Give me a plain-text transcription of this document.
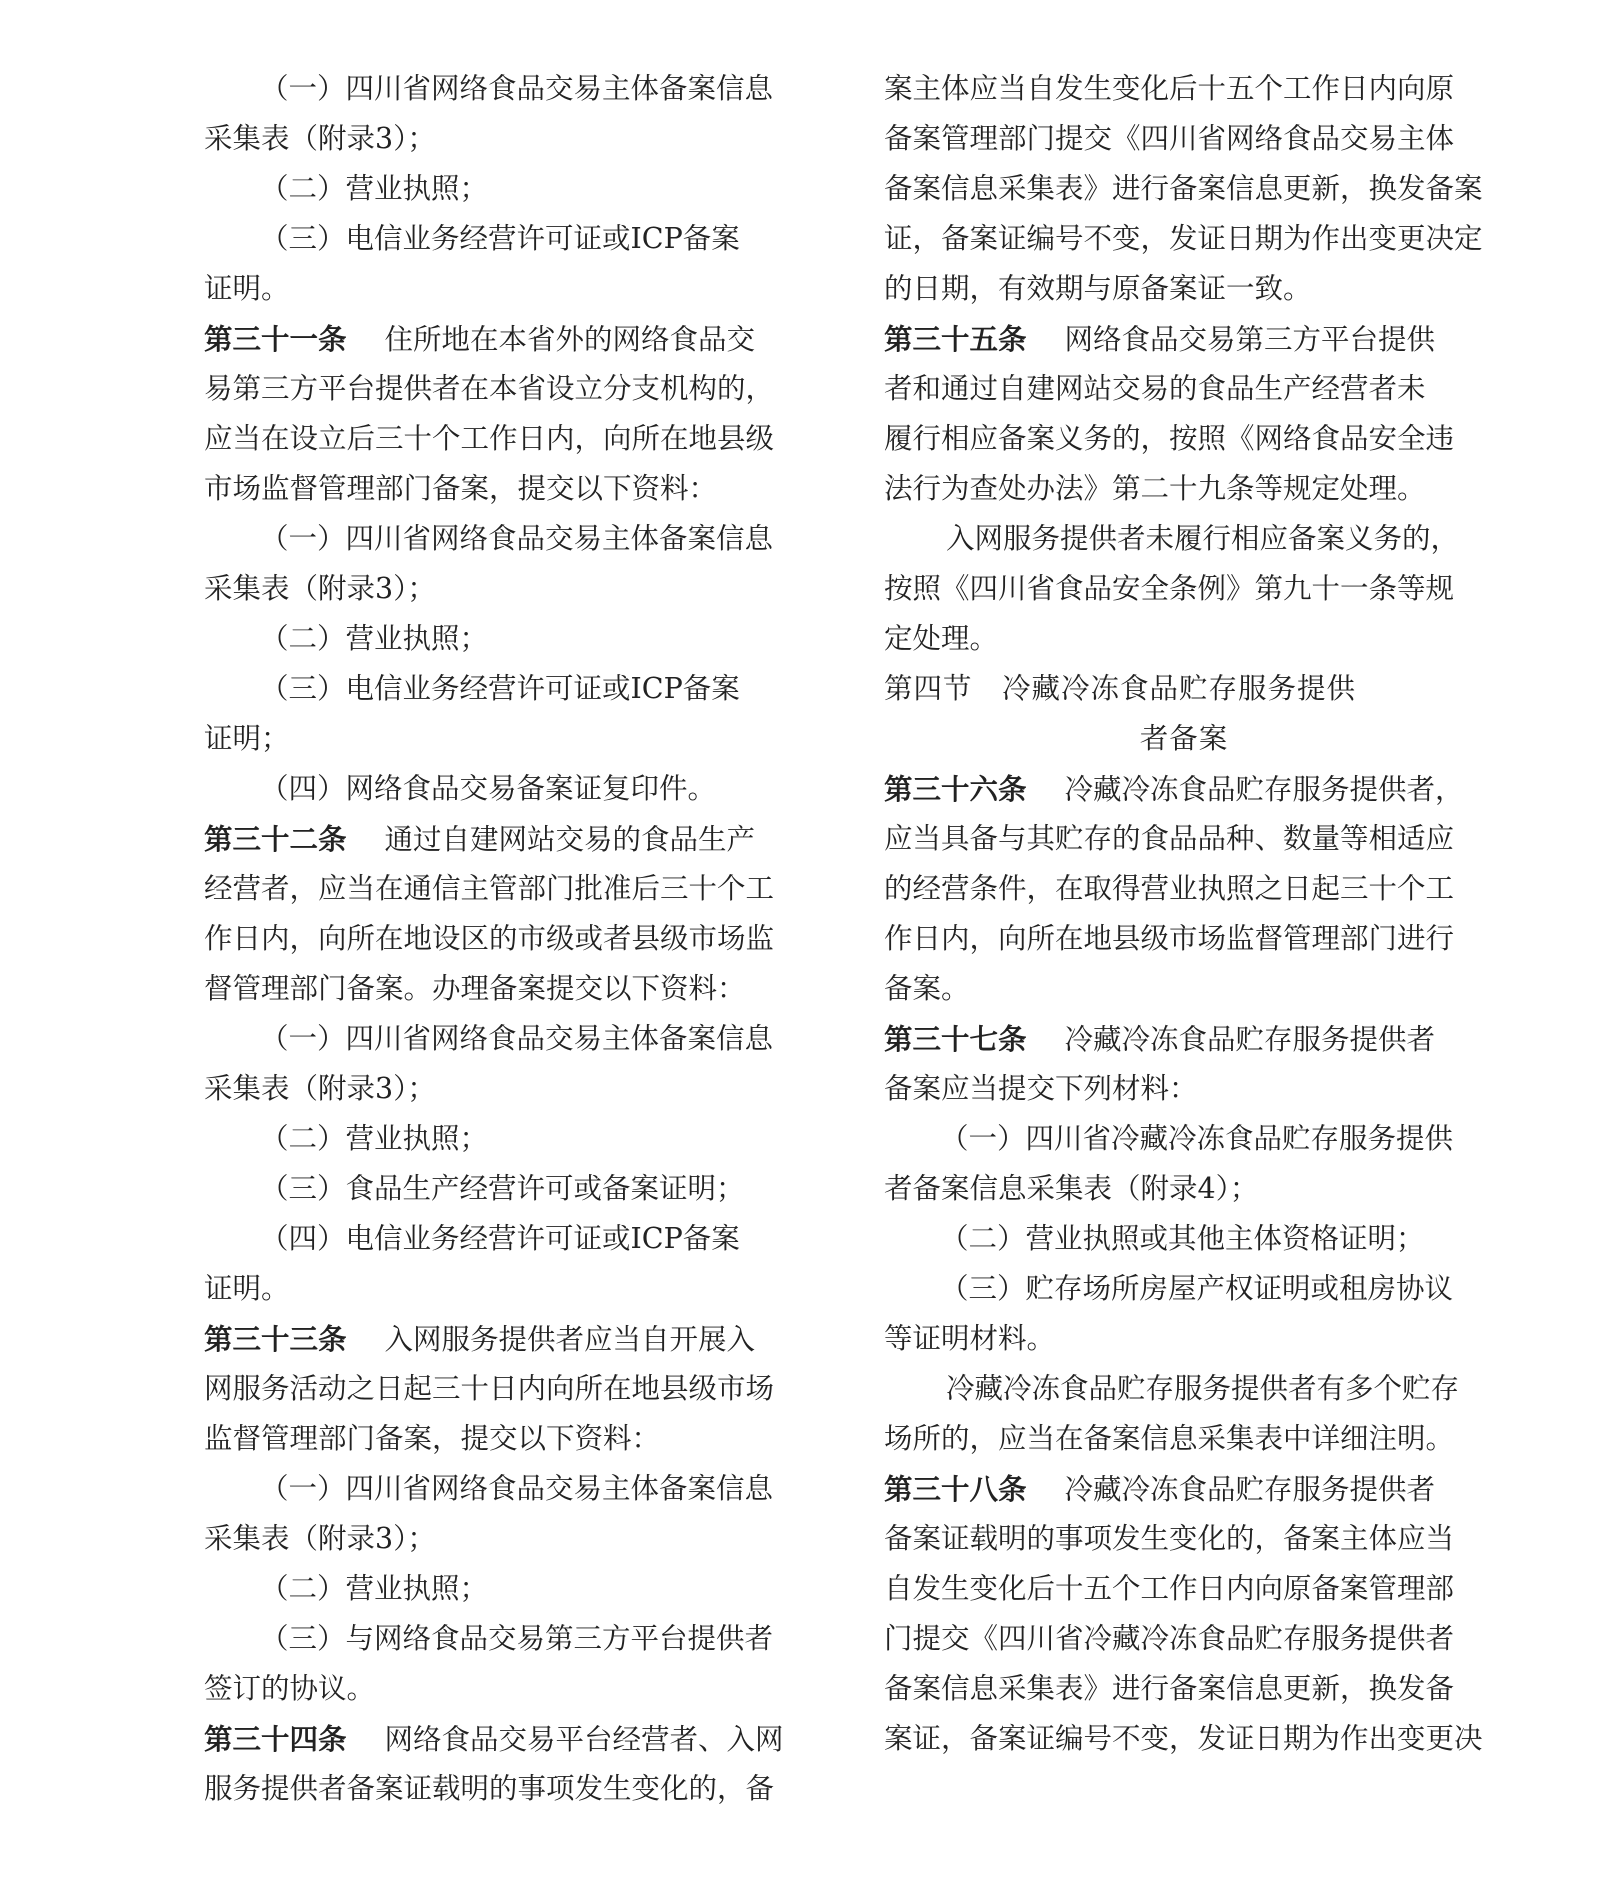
（一）四川省网络食品交易主体备案信息
采集表（附录3）；
（二）营业执照；
（三）电信业务经营许可证或ICP备案
证明。
第三十一条 住所地在本省外的网络食品交
易第三方平台提供者在本省设立分支机构的，
应当在设立后三十个工作日内，向所在地县级
市场监督管理部门备案，提交以下资料：
（一）四川省网络食品交易主体备案信息
采集表（附录3）；
（二）营业执照；
（三）电信业务经营许可证或ICP备案
证明；
（四）网络食品交易备案证复印件。
第三十二条 通过自建网站交易的食品生产
经营者，应当在通信主管部门批准后三十个工
作日内，向所在地设区的市级或者县级市场监
督管理部门备案。办理备案提交以下资料：
（一）四川省网络食品交易主体备案信息
采集表（附录3）；
（二）营业执照；
（三）食品生产经营许可或备案证明；
（四）电信业务经营许可证或ICP备案
证明。
第三十三条 入网服务提供者应当自开展入
网服务活动之日起三十日内向所在地县级市场
监督管理部门备案，提交以下资料：
（一）四川省网络食品交易主体备案信息
采集表（附录3）；
（二）营业执照；
（三）与网络食品交易第三方平台提供者
签订的协议。
第三十四条 网络食品交易平台经营者、入网
服务提供者备案证载明的事项发生变化的，备
案主体应当自发生变化后十五个工作日内向原
备案管理部门提交《四川省网络食品交易主体
备案信息采集表》进行备案信息更新，换发备案
证，备案证编号不变，发证日期为作出变更决定
的日期，有效期与原备案证一致。
第三十五条 网络食品交易第三方平台提供
者和通过自建网站交易的食品生产经营者未
履行相应备案义务的，按照《网络食品安全违
法行为查处办法》第二十九条等规定处理。
入网服务提供者未履行相应备案义务的，
按照《四川省食品安全条例》第九十一条等规
定处理。
第四节　冷藏冷冻食品贮存服务提供
者备案
第三十六条 冷藏冷冻食品贮存服务提供者，
应当具备与其贮存的食品品种、数量等相适应
的经营条件，在取得营业执照之日起三十个工
作日内，向所在地县级市场监督管理部门进行
备案。
第三十七条 冷藏冷冻食品贮存服务提供者
备案应当提交下列材料：
（一）四川省冷藏冷冻食品贮存服务提供
者备案信息采集表（附录4）；
（二）营业执照或其他主体资格证明；
（三）贮存场所房屋产权证明或租房协议
等证明材料。
冷藏冷冻食品贮存服务提供者有多个贮存
场所的，应当在备案信息采集表中详细注明。
第三十八条 冷藏冷冻食品贮存服务提供者
备案证载明的事项发生变化的，备案主体应当
自发生变化后十五个工作日内向原备案管理部
门提交《四川省冷藏冷冻食品贮存服务提供者
备案信息采集表》进行备案信息更新，换发备
案证，备案证编号不变，发证日期为作出变更决
